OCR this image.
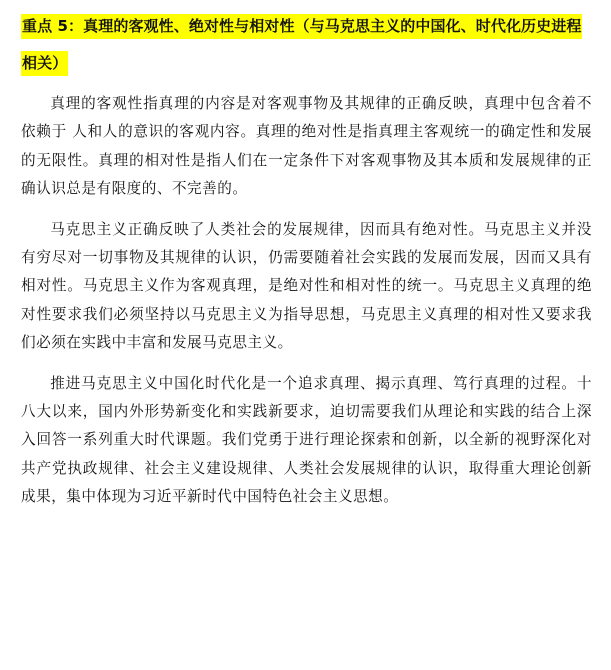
重点 5：真理的客观性、绝对性与相对性（与马克思主义的中国化、时代化历史进程相关）

真理的客观性指真理的内容是对客观事物及其规律的正确反映，真理中包含着不依赖于 人和人的意识的客观内容。真理的绝对性是指真理主客观统一的确定性和发展的无限性。真理的相对性是指人们在一定条件下对客观事物及其本质和发展规律的正确认识总是有限度的、不完善的。

马克思主义正确反映了人类社会的发展规律，因而具有绝对性。马克思主义并没有穷尽对一切事物及其规律的认识，仍需要随着社会实践的发展而发展，因而又具有相对性。马克思主义作为客观真理，是绝对性和相对性的统一。马克思主义真理的绝对性要求我们必须坚持以马克思主义为指导思想，马克思主义真理的相对性又要求我们必须在实践中丰富和发展马克思主义。

推进马克思主义中国化时代化是一个追求真理、揭示真理、笃行真理的过程。十八大以来，国内外形势新变化和实践新要求，迫切需要我们从理论和实践的结合上深入回答一系列重大时代课题。我们党勇于进行理论探索和创新，以全新的视野深化对共产党执政规律、社会主义建设规律、人类社会发展规律的认识，取得重大理论创新成果，集中体现为习近平新时代中国特色社会主义思想。
